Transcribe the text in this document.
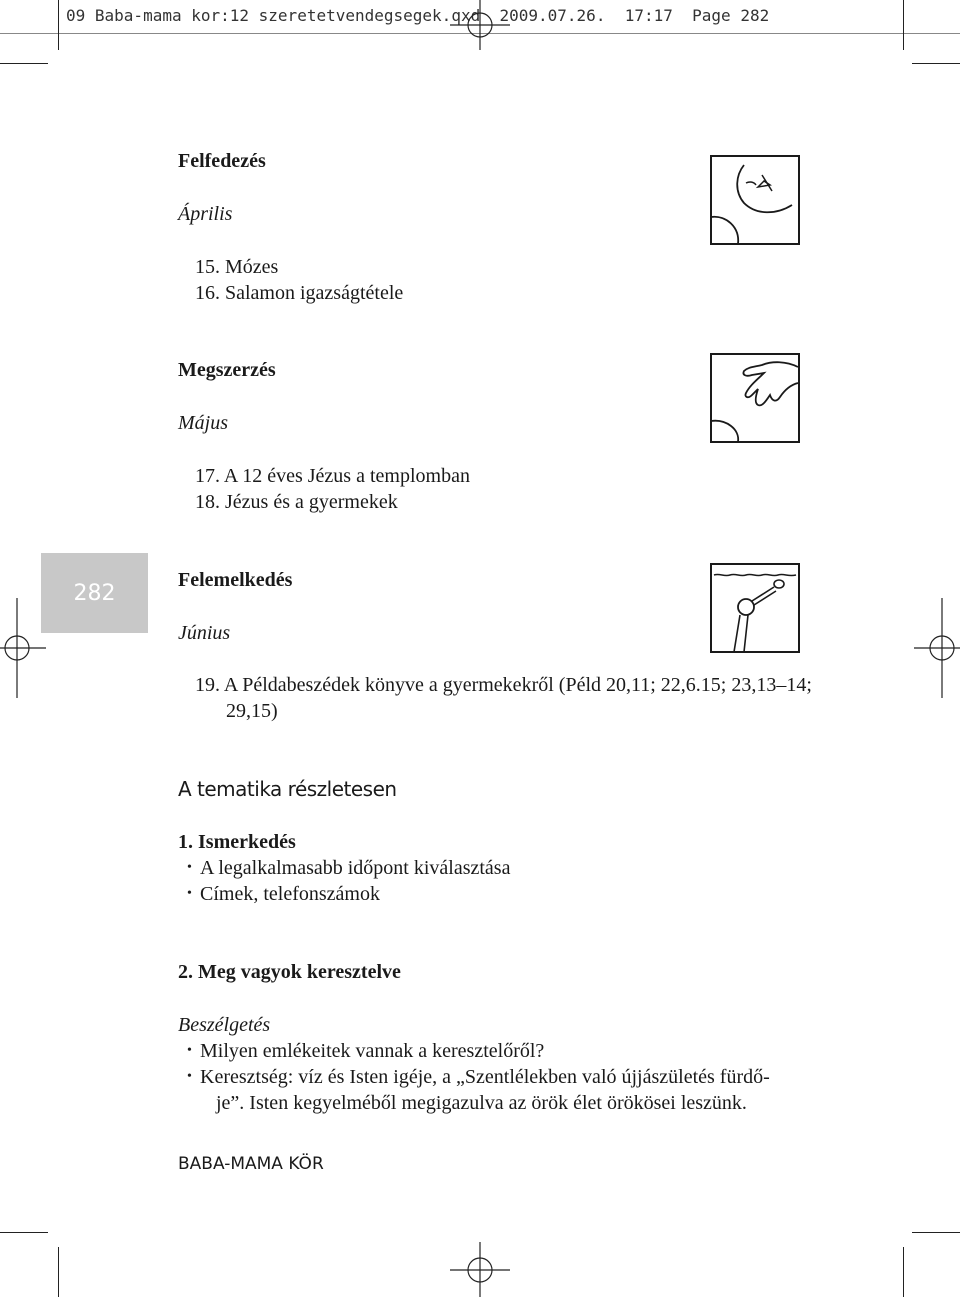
09 Baba-mama kor:12 szeretetvendegsegek.qxd 2009.07.26. 17:17 Page 282
282
Felfedezés
Április
15. Mózes
16. Salamon igazságtétele
Megszerzés
Május
17. A 12 éves Jézus a templomban
18. Jézus és a gyermekek
Felemelkedés
Június
19. A Példabeszédek könyve a gyermekekről (Péld 20,11; 22,6.15; 23,13–14;
29,15)
A tematika részletesen
1. Ismerkedés
• A legalkalmasabb időpont kiválasztása
• Címek, telefonszámok
2. Meg vagyok keresztelve
Beszélgetés
• Milyen emlékeitek vannak a keresztelőről?
• Keresztség: víz és Isten igéje, a „Szentlélekben való újjászületés fürdő-
je”. Isten kegyelméből megigazulva az örök élet örökösei leszünk.
BABA-MAMA KÖR
